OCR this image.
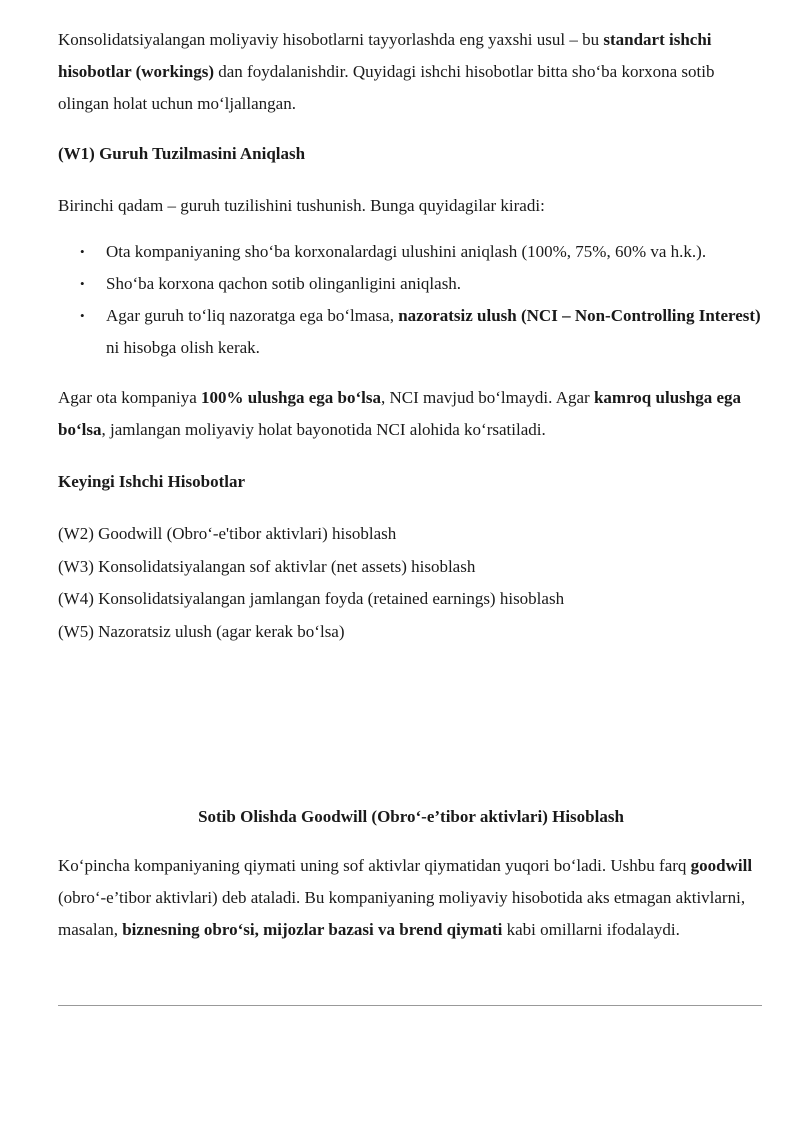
Konsolidatsiyalangan moliyaviy hisobotlarni tayyorlashda eng yaxshi usul – bu standart ishchi hisobotlar (workings) dan foydalanishdir. Quyidagi ishchi hisobotlar bitta sho‘ba korxona sotib olingan holat uchun mo‘ljallangan.

(W1) Guruh Tuzilmasini Aniqlash

Birinchi qadam – guruh tuzilishini tushunish. Bunga quyidagilar kiradi:

• Ota kompaniyaning sho‘ba korxonalardagi ulushini aniqlash (100%, 75%, 60% va h.k.).
• Sho‘ba korxona qachon sotib olinganligini aniqlash.
• Agar guruh to‘liq nazoratga ega bo‘lmasa, nazoratsiz ulush (NCI – Non-Controlling Interest) ni hisobga olish kerak.

Agar ota kompaniya 100% ulushga ega bo‘lsa, NCI mavjud bo‘lmaydi. Agar kamroq ulushga ega bo‘lsa, jamlangan moliyaviy holat bayonotida NCI alohida ko‘rsatiladi.

Keyingi Ishchi Hisobotlar

(W2) Goodwill (Obro‘-e'tibor aktivlari) hisoblash

(W3) Konsolidatsiyalangan sof aktivlar (net assets) hisoblash

(W4) Konsolidatsiyalangan jamlangan foyda (retained earnings) hisoblash

(W5) Nazoratsiz ulush (agar kerak bo‘lsa)

Sotib Olishda Goodwill (Obro‘-e’tibor aktivlari) Hisoblash

Ko‘pincha kompaniyaning qiymati uning sof aktivlar qiymatidan yuqori bo‘ladi. Ushbu farq goodwill (obro‘-e’tibor aktivlari) deb ataladi. Bu kompaniyaning moliyaviy hisobotida aks etmagan aktivlarni, masalan, biznesning obro‘si, mijozlar bazasi va brend qiymati kabi omillarni ifodalaydi.
